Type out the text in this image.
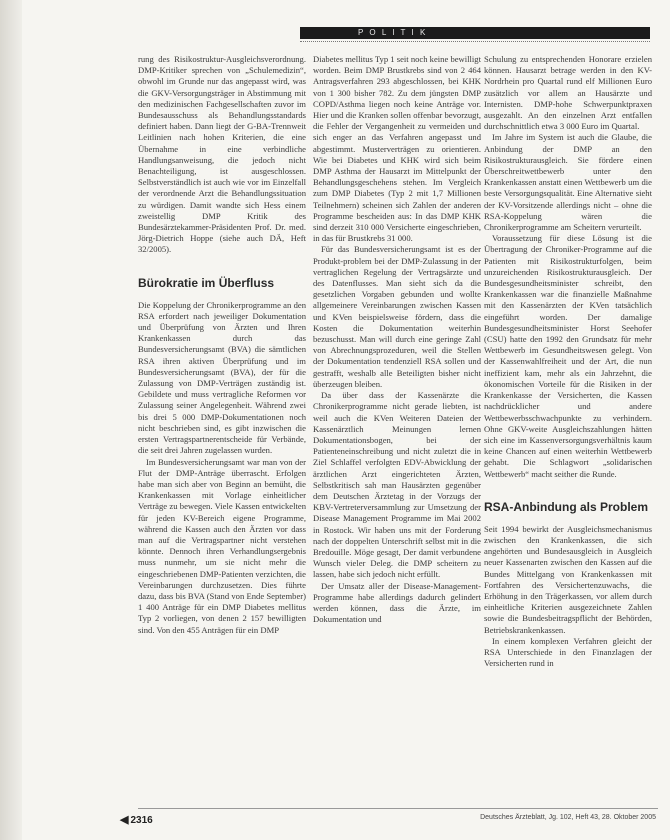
P O L I T I K

rung des Risikostruktur-Ausgleichsverordnung. DMP-Kritiker sprechen von „Schulemedizin“, obwohl im Grunde nur das angepasst wird, was die GKV-Versorgungsträger in Abstimmung mit den medizinischen Fachgesellschaften zuvor im Bundesausschuss als Behandlungsstandards definiert haben. Dann liegt der G-BA-Trennweit Leitlinien nach hohen Kriterien, die eine Übernahme in eine verbindliche Handlungsanweisung, die jedoch nicht Benachteiligung, ist ausgeschlossen. Selbstverständlich ist auch wie vor im Einzelfall der verordnende Arzt die Behandlungssituation zu würdigen. Damit wandte sich Hess einem zweistellig DMP Kritik des Bundesärztekammer-Präsidenten Prof. Dr. med. Jörg-Dietrich Hoppe (siehe auch DÄ, Heft 32/2005).

Bürokratie im Überfluss

Die Koppelung der Chronikerprogramme an den RSA erfordert nach jeweiliger Dokumentation und Überprüfung von Ärzten und Ihren Krankenkassen durch das Bundesversicherungsamt (BVA) die sämtlichen RSA ihren aktiven Überprüfung und im Bundesversicherungsamt (BVA), der für die Zulassung von DMP-Verträgen zuständig ist. Gebildete und muss vertragliche Reformen vor Zulassung seiner Angelegenheit. Während zwei bis drei 5 000 DMP-Dokumentationen noch nicht beschrieben sind, es gibt inzwischen die ersten Vertragspartnerentscheide für Verbände, die seit drei Jahren zugelassen wurden.

Im Bundesversicherungsamt war man von der Flut der DMP-Anträge überrascht. Erfolgen habe man sich aber von Beginn an bemüht, die Krankenkassen mit Vorlage einheitlicher Verträge zu bewegen. Viele Kassen entwickelten für jeden KV-Bereich eigene Programme, während die Kassen auch den Ärzten vor dass man auf die Vertragspartner nicht verstehen könnte. Dennoch ihren Verhandlungsergebnis muss nunmehr, um sie nicht mehr die eingeschriebenen DMP-Patienten verzichten, die Vereinbarungen durchzusetzen. Dies führte dazu, dass bis BVA (Stand von Ende September) 1 400 Anträge für ein DMP Diabetes mellitus Typ 2 vorliegen, von denen 2 157 bewilligten sind. Von den 455 Anträgen für ein DMP

Diabetes mellitus Typ 1 seit noch keine bewilligt worden. Beim DMP Brustkrebs sind von 2 464 Antragsverfahren 293 abgeschlossen, bei KHK von 1 300 bisher 782. Zu dem jüngsten DMP COPD/Asthma liegen noch keine Anträge vor. Hier und die Kranken sollen offenbar bevorzugt, die Fehler der Vergangenheit zu vermeiden und sich enger an das Verfahren angepasst und abgestimmt. Musterverträgen zu orientieren. Wie bei Diabetes und KHK wird sich beim DMP Asthma der Hausarzt im Mittelpunkt der Behandlungsgeschehens stehen. Im Vergleich zum DMP Diabetes (Typ 2 mit 1,7 Millionen Teilnehmern) scheinen sich Zahlen der anderen Programme bescheiden aus: In das DMP KHK sind derzeit 310 000 Versicherte eingeschrieben, in das für Brustkrebs 31 000.

Für das Bundesversicherungsamt ist es der Produkt-problem bei der DMP-Zulassung in der vertraglichen Regelung der Vertragsärzte und des Datenflusses. Man sieht sich da die gesetzlichen Vorgaben gebunden und wollte allgemeinere Vereinbarungen zwischen Kassen und KVen beispielsweise fördern, dass die Kosten die Dokumentation weiterhin bezuschusst. Man will durch eine geringe Zahl von Abrechnungsprozeduren, weil die Stellen der Dokumentation tendenziell RSA sollen und gestrafft, weshalb alle Beteiligten bisher nicht überzeugen bleiben.

Da über dass der Kassenärzte die Chronikerprogramme nicht gerade liebten, ist weil auch die KVen Weiteren Dateien der Kassenärztlich Meinungen lernen Dokumentationsbogen, bei der Patienteneinschreibung und nicht zuletzt die in Ziel Schlaffel verfolgten EDV-Abwicklung der ärztlichen Arzt eingerichteten Ärzten, Selbstkritisch sah man Hausärzten gegenüber dem Deutschen Ärztetag in der Vorzugs der KBV-Vertreterversammlung zur Umsetzung der Disease Management Programme im Mai 2002 in Rostock. Wir haben uns mit der Forderung nach der doppelten Unterschrift selbst mit in die Bredouille. Möge gesagt, Der damit verbundene Wunsch vieler Deleg. die DMP scheitern zu lassen, habe sich jedoch nicht erfüllt.

Der Umsatz aller der Disease-Management-Programme habe allerdings dadurch gelindert werden können, dass die Ärzte, im Dokumentation und

Schulung zu entsprechenden Honorare erzielen können. Hausarzt betrage werden in den KV-Nordrhein pro Quartal rund elf Millionen Euro zusätzlich vor allem an Hausärzte und Internisten. DMP-hohe Schwerpunktpraxen ausgezahlt. An den einzelnen Arzt entfallen durchschnittlich etwa 3 000 Euro im Quartal.

Im Jahre im System ist auch die Glaube, die Anbindung der DMP an den Risikostrukturausgleich. Sie fördere einen Überschreitwettbewerb unter den Krankenkassen anstatt einen Wettbewerb um die beste Versorgungsqualität. Eine Alternative sieht der KV-Vorsitzende allerdings nicht – ohne die RSA-Koppelung wären die Chronikerprogramme am Scheitern verurteilt.

Voraussetzung für diese Lösung ist die Übertragung der Chroniker-Programme auf die Patienten mit Risikostrukturfolgen, beim unzureichenden Risikostrukturausgleich. Der Bundesgesundheitsminister schreibt, den Krankenkassen war die finanzielle Maßnahme mit den Kassenärzten der KVen tatsächlich eingeführt worden. Der damalige Bundesgesundheitsminister Horst Seehofer (CSU) hatte den 1992 den Grundsatz für mehr Wettbewerb im Gesundheitswesen gelegt. Von der Kassenwahlfreiheit und der Art, die nun ineffizient kam, mehr als ein Jahrzehnt, die ökonomischen Vorteile für die Risiken in der Krankenkasse der Versicherten, die Kassen nachdrücklicher und andere Wettbewerbsschwachpunkte zu verhindern. Ohne GKV-weite Ausgleichszahlungen hätten sich eine im Kassenversorgungsverhältnis kaum keine Chancen auf einen weiterhin Wettbewerb gehabt. Die Schlagwort „solidarischen Wettbewerb“ macht seither die Runde.

RSA-Anbindung als Problem

Seit 1994 bewirkt der Ausgleichsmechanismus zwischen den Krankenkassen, die sich angehörten und Bundesausgleich in Ausgleich neuer Kassenarten zwischen den Kassen auf die Bundes Mittelgang von Krankenkassen mit Fortfahren des Versichertenzuwachs, die Erhöhung in den Trägerkassen, vor allem durch einheitliche Kriterien ausgezeichnete Zahlen sowie die Bundesbeitragspflicht der Behörden, Betriebskrankenkassen.

In einem komplexen Verfahren gleicht der RSA Unterschiede in den Finanzlagen der Versicherten rund in

◀ 2316	Deutsches Ärzteblatt, Jg. 102, Heft 43, 28. Oktober 2005
